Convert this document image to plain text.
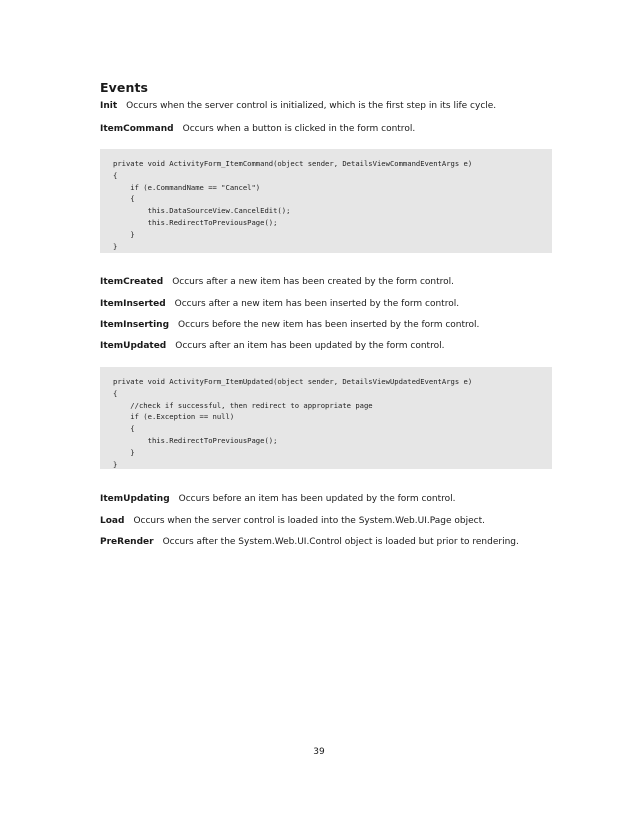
Events
Init Occurs when the server control is initialized, which is the first step in its life cycle.
ItemCommand Occurs when a button is clicked in the form control.
private void ActivityForm_ItemCommand(object sender, DetailsViewCommandEventArgs e)
{
if (e.CommandName == "Cancel")
{
this.DataSourceView.CancelEdit();
this.RedirectToPreviousPage();
}
}
ItemCreated Occurs after a new item has been created by the form control.
ItemInserted Occurs after a new item has been inserted by the form control.
ItemInserting Occurs before the new item has been inserted by the form control.
ItemUpdated Occurs after an item has been updated by the form control.
private void ActivityForm_ItemUpdated(object sender, DetailsViewUpdatedEventArgs e)
{
//check if successful, then redirect to appropriate page
if (e.Exception == null)
{
this.RedirectToPreviousPage();
}
}
ItemUpdating Occurs before an item has been updated by the form control.
Load Occurs when the server control is loaded into the System.Web.UI.Page object.
PreRender Occurs after the System.Web.UI.Control object is loaded but prior to rendering.
39
